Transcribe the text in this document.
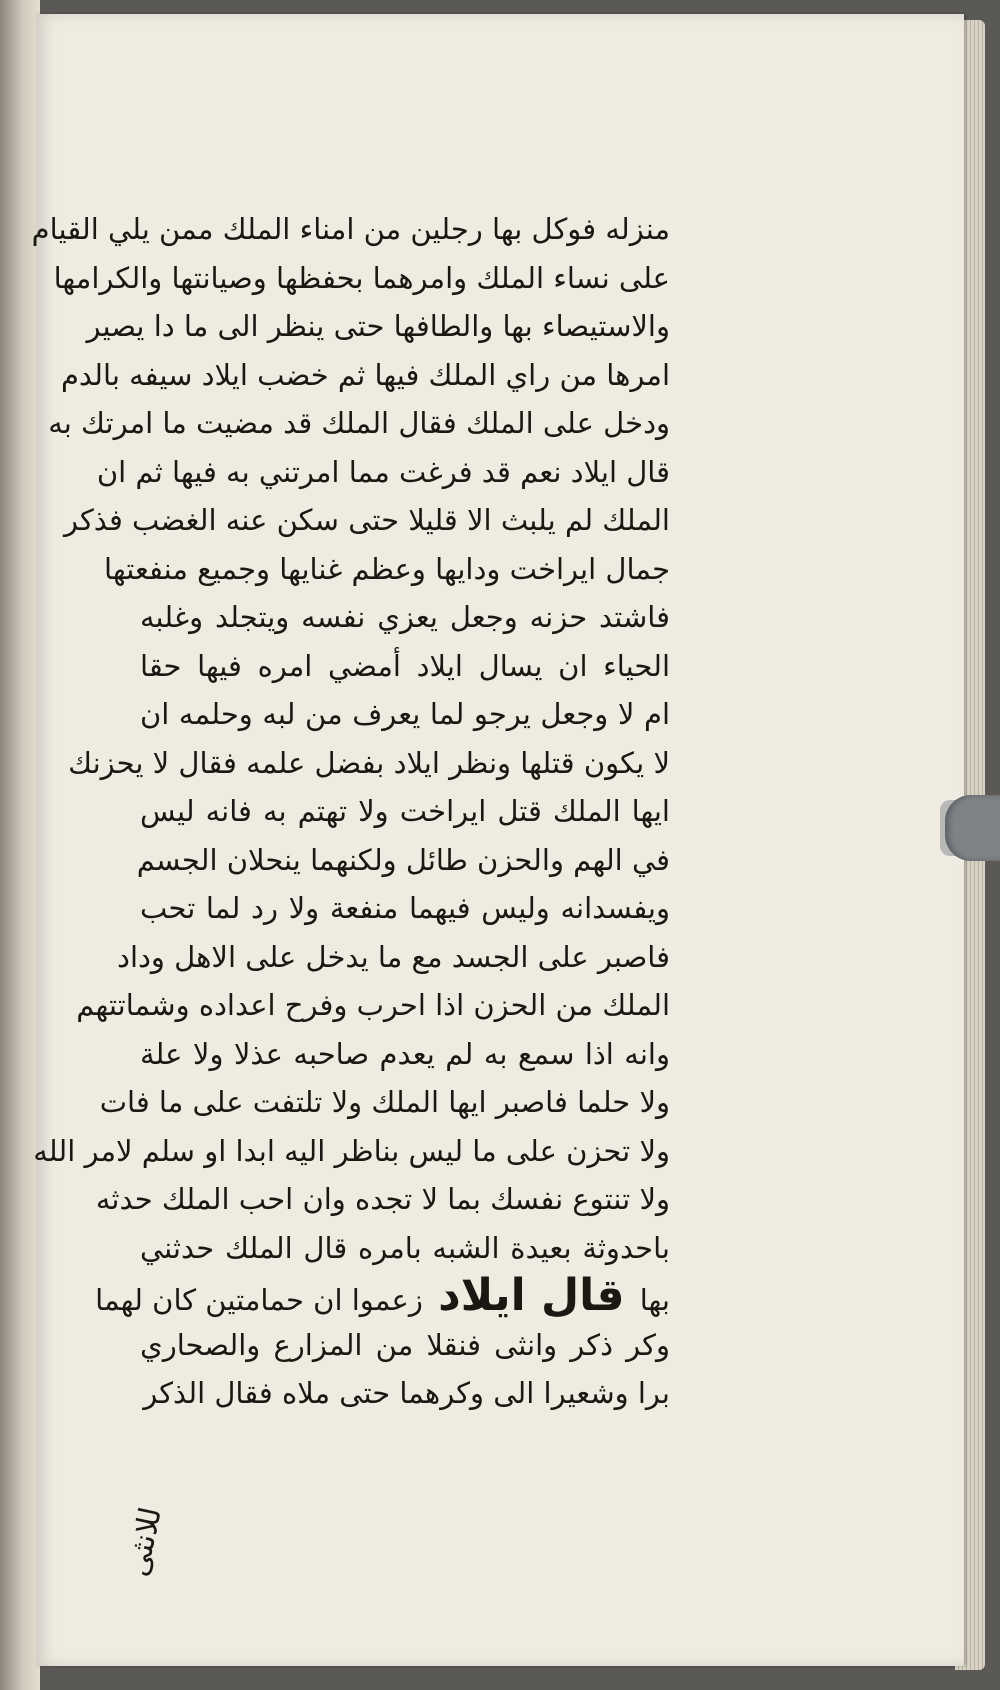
منزله فوكل بها رجلين من امناء الملك ممن يلي القيام
على نساء الملك وامرهما بحفظها وصيانتها والكرامها
والاستيصاء بها والطافها حتى ينظر الى ما دا يصير
امرها من راي الملك فيها ثم خضب ايلاد سيفه بالدم
ودخل على الملك فقال الملك قد مضيت ما امرتك به
قال ايلاد نعم قد فرغت مما امرتني به فيها ثم ان
الملك لم يلبث الا قليلا حتى سكن عنه الغضب فذكر
جمال ايراخت ودايها وعظم غنايها وجميع منفعتها
فاشتد حزنه وجعل يعزي نفسه ويتجلد وغلبه
الحياء ان يسال ايلاد أمضي امره فيها حقا
ام لا وجعل يرجو لما يعرف من لبه وحلمه ان
لا يكون قتلها ونظر ايلاد بفضل علمه فقال لا يحزنك
ايها الملك قتل ايراخت ولا تهتم به فانه ليس
في الهم والحزن طائل ولكنهما ينحلان الجسم
ويفسدانه وليس فيهما منفعة ولا رد لما تحب
فاصبر على الجسد مع ما يدخل على الاهل وداد
الملك من الحزن اذا احرب وفرح اعداده وشماتتهم
وانه اذا سمع به لم يعدم صاحبه عذلا ولا علة
ولا حلما فاصبر ايها الملك ولا تلتفت على ما فات
ولا تحزن على ما ليس بناظر اليه ابدا او سلم لامر الله
ولا تنتوع نفسك بما لا تجده وان احب الملك حدثه
باحدوثة بعيدة الشبه بامره قال الملك حدثني
بها قال ايلاد زعموا ان حمامتين كان لهما
وكر ذكر وانثى فنقلا من المزارع والصحاري
برا وشعيرا الى وكرهما حتى ملاه فقال الذكر
للانثى
